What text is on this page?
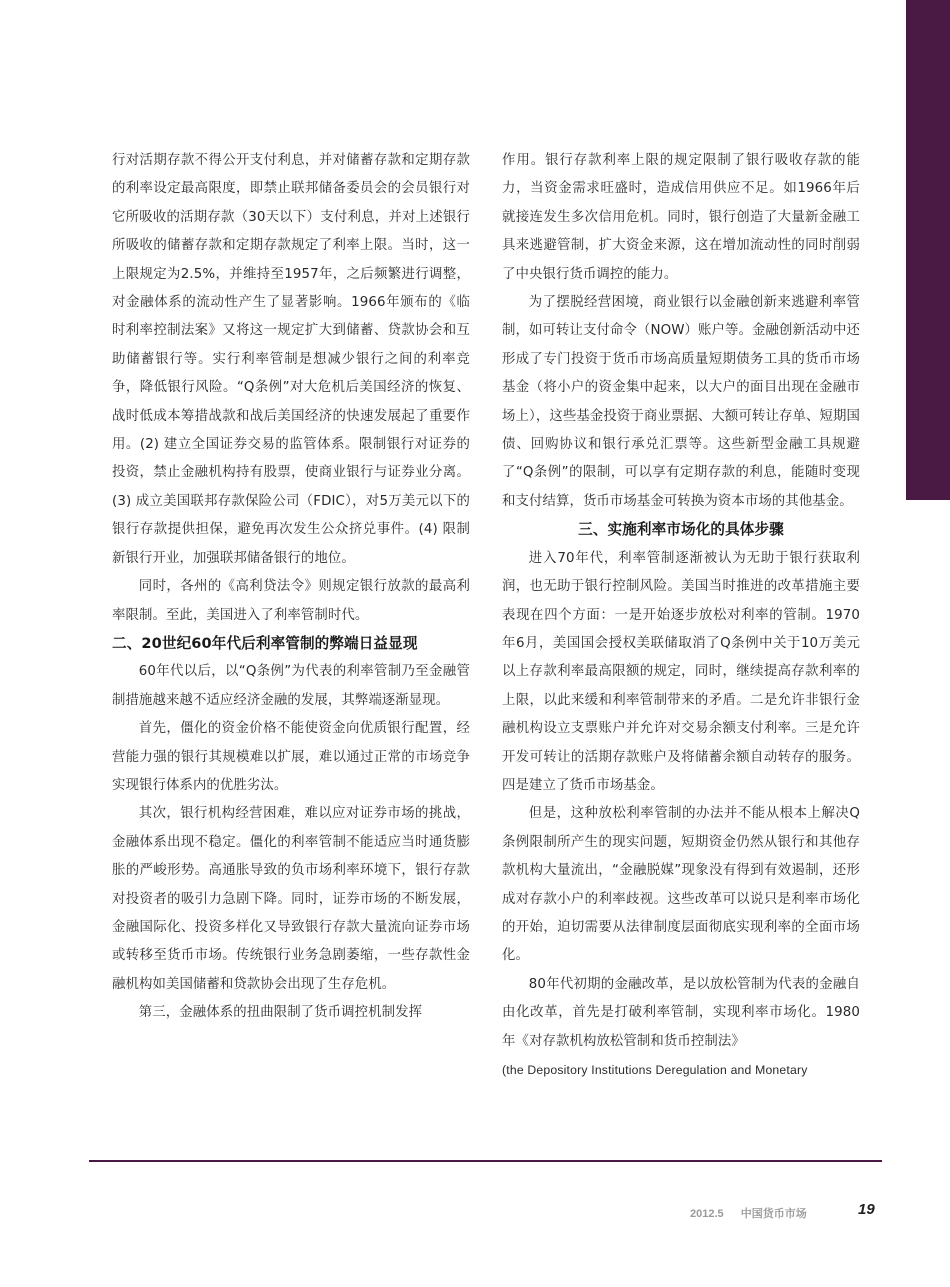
行对活期存款不得公开支付利息，并对储蓄存款和定期存款的利率设定最高限度，即禁止联邦储备委员会的会员银行对它所吸收的活期存款（30天以下）支付利息，并对上述银行所吸收的储蓄存款和定期存款规定了利率上限。当时，这一上限规定为2.5%，并维持至1957年，之后频繁进行调整，对金融体系的流动性产生了显著影响。1966年颁布的《临时利率控制法案》又将这一规定扩大到储蓄、贷款协会和互助储蓄银行等。实行利率管制是想减少银行之间的利率竞争，降低银行风险。“Q条例”对大危机后美国经济的恢复、战时低成本筹措战款和战后美国经济的快速发展起了重要作用。(2) 建立全国证券交易的监管体系。限制银行对证券的投资，禁止金融机构持有股票，使商业银行与证券业分离。(3) 成立美国联邦存款保险公司（FDIC），对5万美元以下的银行存款提供担保，避免再次发生公众挤兑事件。(4) 限制新银行开业，加强联邦储备银行的地位。

同时，各州的《高利贷法令》则规定银行放款的最高利率限制。至此，美国进入了利率管制时代。

二、20世纪60年代后利率管制的弊端日益显现

60年代以后，以“Q条例”为代表的利率管制乃至金融管制措施越来越不适应经济金融的发展，其弊端逐渐显现。

首先，僵化的资金价格不能使资金向优质银行配置，经营能力强的银行其规模难以扩展，难以通过正常的市场竞争实现银行体系内的优胜劣汰。

其次，银行机构经营困难，难以应对证券市场的挑战，金融体系出现不稳定。僵化的利率管制不能适应当时通货膨胀的严峻形势。高通胀导致的负市场利率环境下，银行存款对投资者的吸引力急剧下降。同时，证券市场的不断发展，金融国际化、投资多样化又导致银行存款大量流向证券市场或转移至货币市场。传统银行业务急剧萎缩，一些存款性金融机构如美国储蓄和贷款协会出现了生存危机。

第三，金融体系的扭曲限制了货币调控机制发挥

作用。银行存款利率上限的规定限制了银行吸收存款的能力，当资金需求旺盛时，造成信用供应不足。如1966年后就接连发生多次信用危机。同时，银行创造了大量新金融工具来逃避管制，扩大资金来源，这在增加流动性的同时削弱了中央银行货币调控的能力。

为了摆脱经营困境，商业银行以金融创新来逃避利率管制，如可转让支付命令（NOW）账户等。金融创新活动中还形成了专门投资于货币市场高质量短期债务工具的货币市场基金（将小户的资金集中起来，以大户的面目出现在金融市场上），这些基金投资于商业票据、大额可转让存单、短期国债、回购协议和银行承兑汇票等。这些新型金融工具规避了“Q条例”的限制，可以享有定期存款的利息，能随时变现和支付结算，货币市场基金可转换为资本市场的其他基金。

三、实施利率市场化的具体步骤

进入70年代，利率管制逐渐被认为无助于银行获取利润，也无助于银行控制风险。美国当时推进的改革措施主要表现在四个方面：一是开始逐步放松对利率的管制。1970年6月，美国国会授权美联储取消了Q条例中关于10万美元以上存款利率最高限额的规定，同时，继续提高存款利率的上限，以此来缓和利率管制带来的矛盾。二是允许非银行金融机构设立支票账户并允许对交易余额支付利率。三是允许开发可转让的活期存款账户及将储蓄余额自动转存的服务。四是建立了货币市场基金。

但是，这种放松利率管制的办法并不能从根本上解决Q条例限制所产生的现实问题，短期资金仍然从银行和其他存款机构大量流出，“金融脱媒”现象没有得到有效遏制，还形成对存款小户的利率歧视。这些改革可以说只是利率市场化的开始，迫切需要从法律制度层面彻底实现利率的全面市场化。

80年代初期的金融改革，是以放松管制为代表的金融自由化改革，首先是打破利率管制，实现利率市场化。1980年《对存款机构放松管制和货币控制法》

(the Depository Institutions Deregulation and Monetary

2012.5 中国货币市场	19
